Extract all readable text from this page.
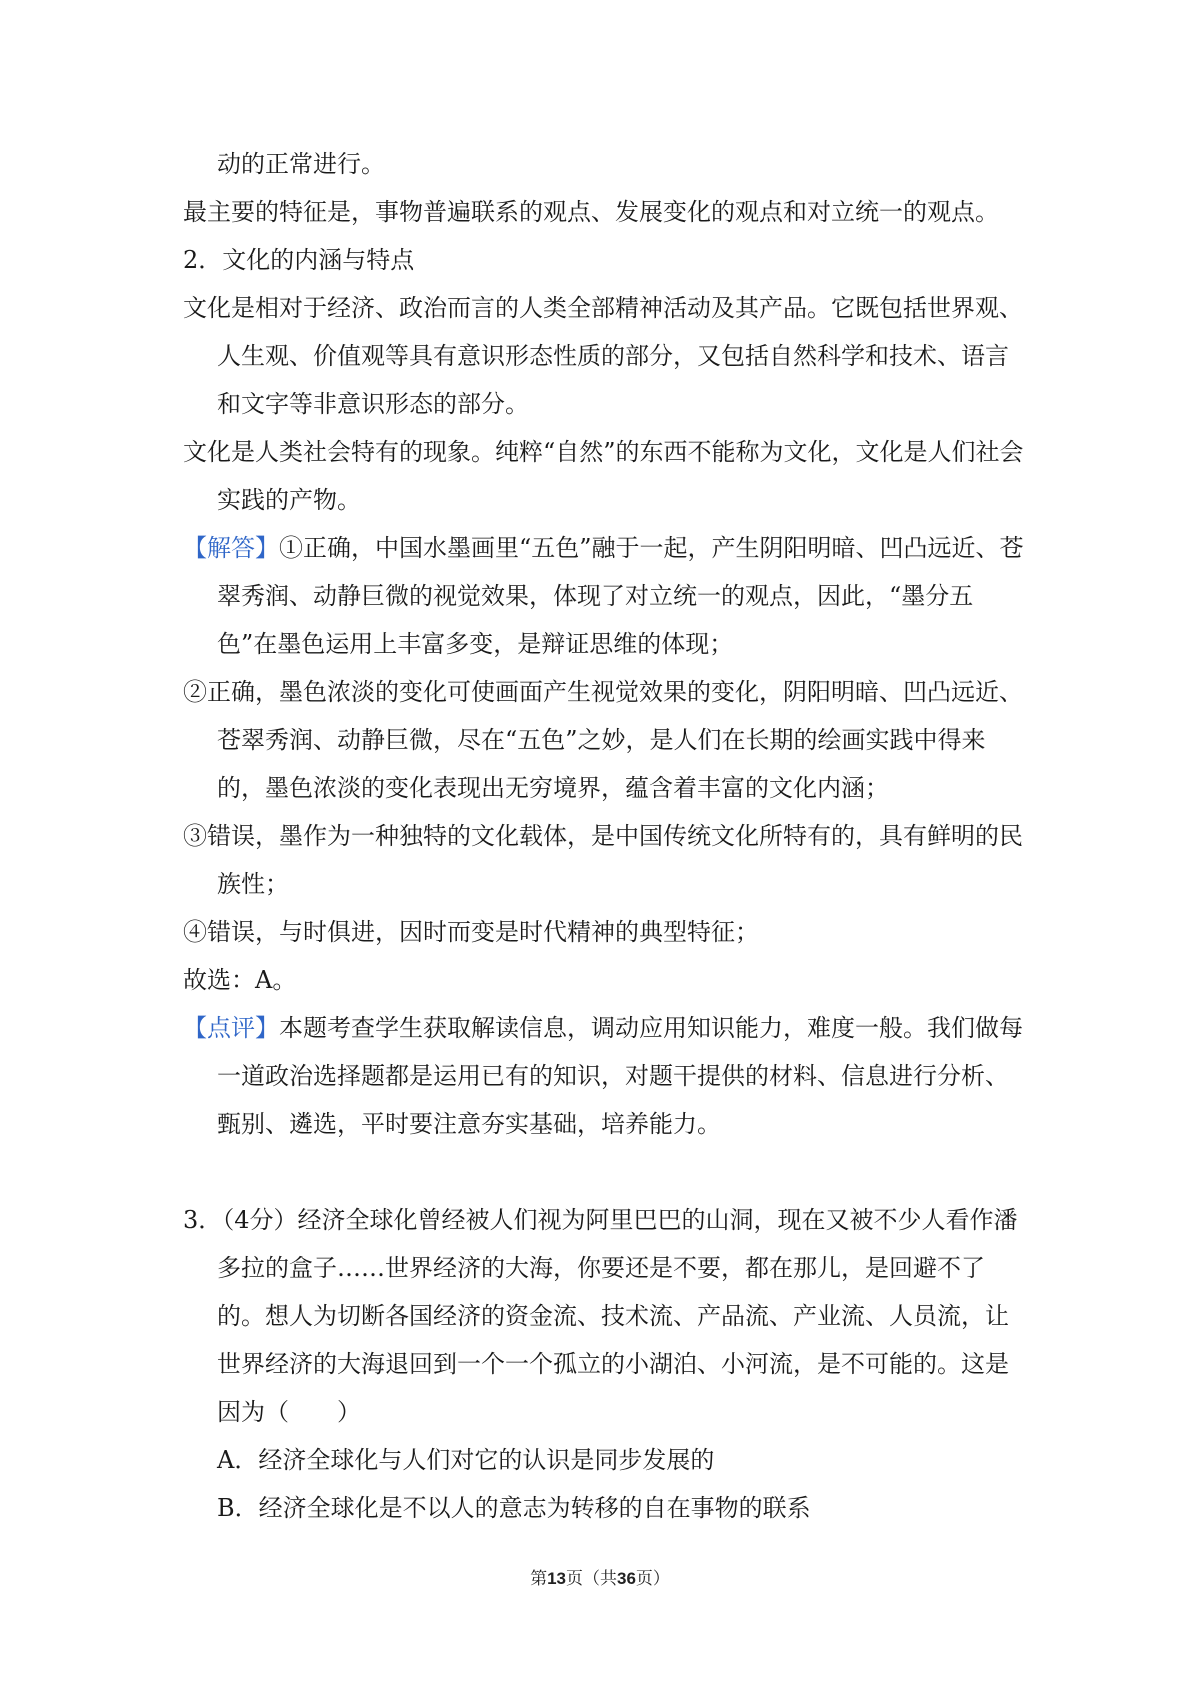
动的正常进行。

最主要的特征是，事物普遍联系的观点、发展变化的观点和对立统一的观点。

2．文化的内涵与特点

文化是相对于经济、政治而言的人类全部精神活动及其产品。它既包括世界观、人生观、价值观等具有意识形态性质的部分，又包括自然科学和技术、语言和文字等非意识形态的部分。

文化是人类社会特有的现象。纯粹“自然”的东西不能称为文化，文化是人们社会实践的产物。

【解答】①正确，中国水墨画里“五色”融于一起，产生阴阳明暗、凹凸远近、苍翠秀润、动静巨微的视觉效果，体现了对立统一的观点，因此，“墨分五色”在墨色运用上丰富多变，是辩证思维的体现；

②正确，墨色浓淡的变化可使画面产生视觉效果的变化，阴阳明暗、凹凸远近、苍翠秀润、动静巨微，尽在“五色”之妙，是人们在长期的绘画实践中得来的，墨色浓淡的变化表现出无穷境界，蕴含着丰富的文化内涵；

③错误，墨作为一种独特的文化载体，是中国传统文化所特有的，具有鲜明的民族性；

④错误，与时俱进，因时而变是时代精神的典型特征；

故选：A。

【点评】本题考查学生获取解读信息，调动应用知识能力，难度一般。我们做每一道政治选择题都是运用已有的知识，对题干提供的材料、信息进行分析、甄别、遴选，平时要注意夯实基础，培养能力。

3．（4分）经济全球化曾经被人们视为阿里巴巴的山洞，现在又被不少人看作潘多拉的盒子……世界经济的大海，你要还是不要，都在那儿，是回避不了的。想人为切断各国经济的资金流、技术流、产品流、产业流、人员流，让世界经济的大海退回到一个一个孤立的小湖泊、小河流，是不可能的。这是因为（　　）

A．经济全球化与人们对它的认识是同步发展的

B．经济全球化是不以人的意志为转移的自在事物的联系

第13页（共36页）
